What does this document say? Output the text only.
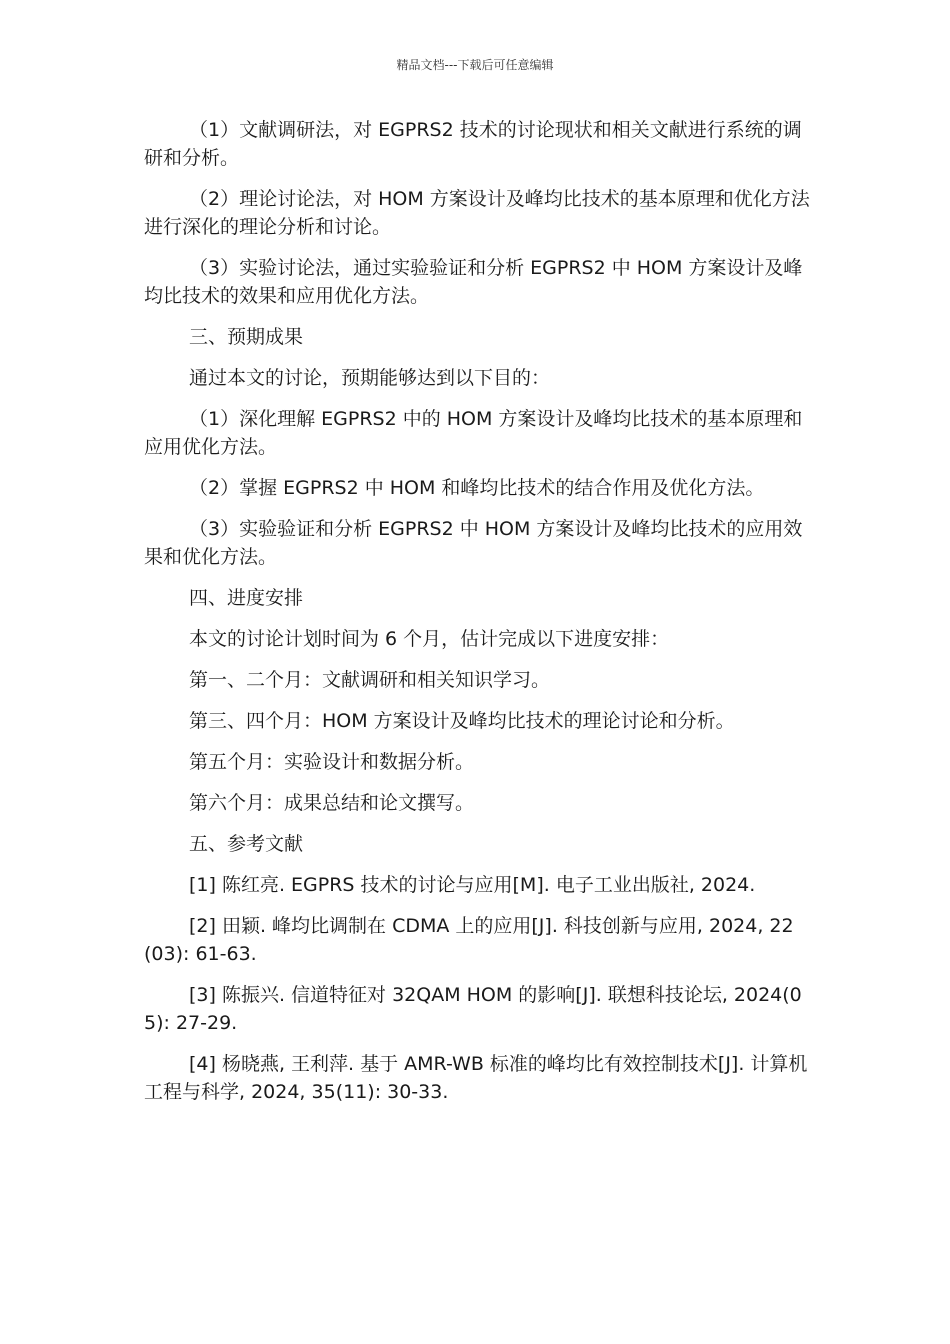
精品文档---下载后可任意编辑

（1）文献调研法，对 EGPRS2 技术的讨论现状和相关文献进行系统的调研和分析。

（2）理论讨论法，对 HOM 方案设计及峰均比技术的基本原理和优化方法进行深化的理论分析和讨论。

（3）实验讨论法，通过实验验证和分析 EGPRS2 中 HOM 方案设计及峰均比技术的效果和应用优化方法。

三、预期成果

通过本文的讨论，预期能够达到以下目的：

（1）深化理解 EGPRS2 中的 HOM 方案设计及峰均比技术的基本原理和应用优化方法。

（2）掌握 EGPRS2 中 HOM 和峰均比技术的结合作用及优化方法。

（3）实验验证和分析 EGPRS2 中 HOM 方案设计及峰均比技术的应用效果和优化方法。

四、进度安排

本文的讨论计划时间为 6 个月，估计完成以下进度安排：

第一、二个月：文献调研和相关知识学习。

第三、四个月：HOM 方案设计及峰均比技术的理论讨论和分析。

第五个月：实验设计和数据分析。

第六个月：成果总结和论文撰写。

五、参考文献

[1] 陈红亮. EGPRS 技术的讨论与应用[M]. 电子工业出版社, 2024.

[2] 田颖. 峰均比调制在 CDMA 上的应用[J]. 科技创新与应用, 2024, 22(03): 61-63.

[3] 陈振兴. 信道特征对 32QAM HOM 的影响[J]. 联想科技论坛, 2024(05): 27-29.

[4] 杨晓燕, 王利萍. 基于 AMR-WB 标准的峰均比有效控制技术[J]. 计算机工程与科学, 2024, 35(11): 30-33.
